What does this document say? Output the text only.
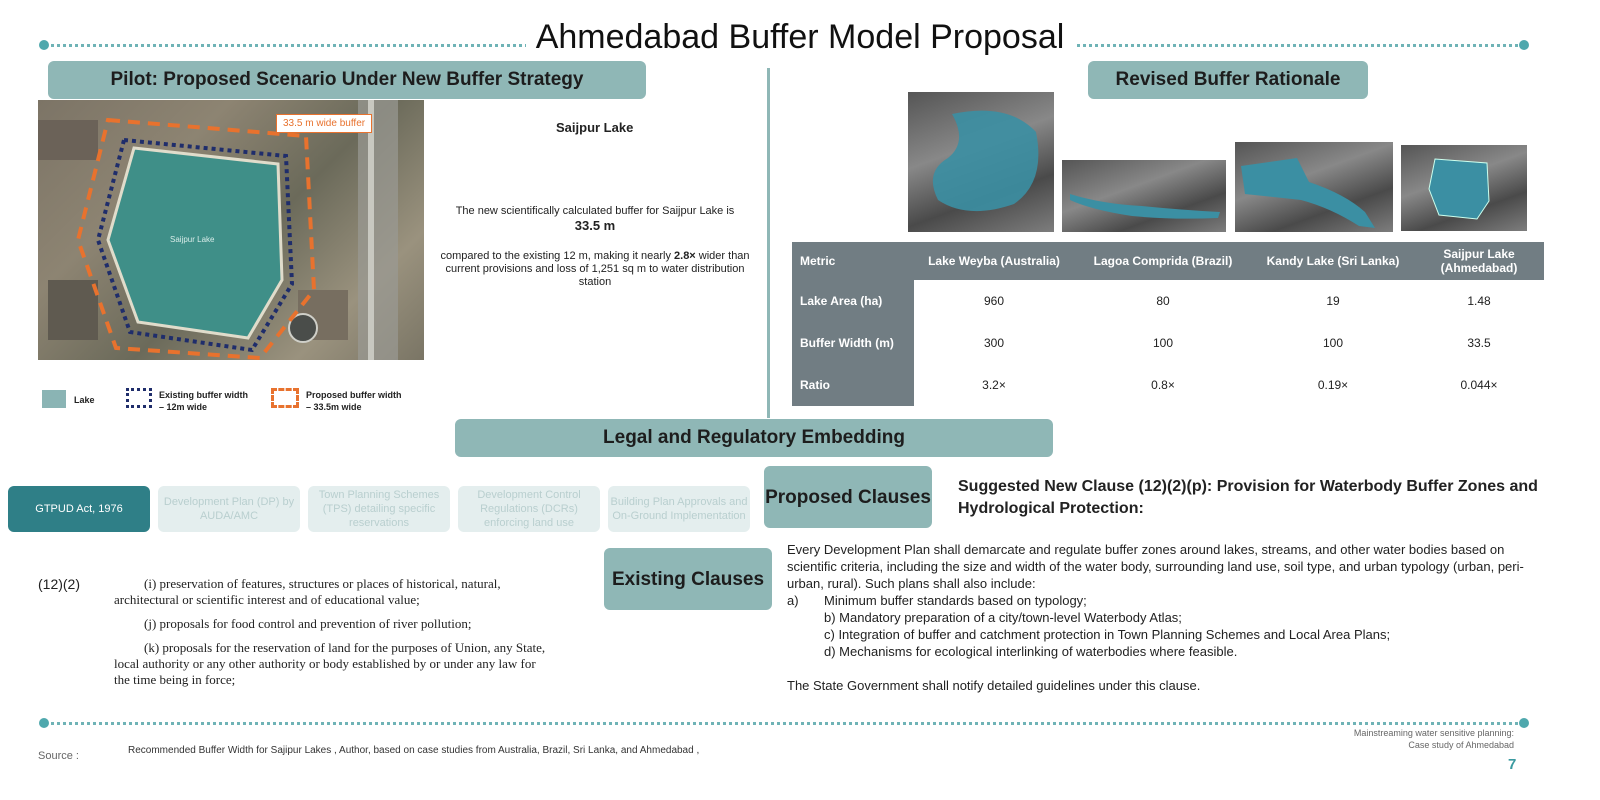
Ahmedabad Buffer Model Proposal
Pilot: Proposed Scenario Under New Buffer Strategy
Saijpur Lake
33.5 m wide buffer	Saijpur Lake
The new scientifically calculated buffer for Saijpur Lake is
33.5 m
compared to the existing 12 m, making it nearly 2.8× wider than current provisions and loss of 1,251 sq m to water distribution station
Lake	Existing buffer width – 12m wide
Proposed buffer width – 33.5m wide
Revised Buffer Rationale
Metric	Lake Weyba (Australia)	Lagoa Comprida (Brazil)	Kandy Lake (Sri Lanka)	Saijpur Lake (Ahmedabad)
Lake Area (ha)	960	80	19	1.48
Buffer Width (m)	300	100	100	33.5
Ratio	3.2×	0.8×	0.19×	0.044×
Legal and Regulatory Embedding
GTPUD Act, 1976
Development Plan (DP) by AUDA/AMC
Town Planning Schemes (TPS) detailing specific reservations
Development Control Regulations (DCRs) enforcing land use
Building Plan Approvals and On-Ground Implementation
Proposed Clauses
Existing Clauses
(12)(2)	(i) preservation of features, structures or places of historical, natural, architectural or scientific interest and of educational value;
(j) proposals for food control and prevention of river pollution;
(k) proposals for the reservation of land for the purposes of Union, any State, local authority or any other authority or body established by or under any law for the time being in force;
Suggested New Clause (12)(2)(p): Provision for Waterbody Buffer Zones and Hydrological Protection:
Every Development Plan shall demarcate and regulate buffer zones around lakes, streams, and other water bodies based on scientific criteria, including the size and width of the water body, surrounding land use, soil type, and urban typology (urban, peri-urban, rural). Such plans shall also include:
a)	Minimum buffer standards based on typology;
b) Mandatory preparation of a city/town-level Waterbody Atlas;
c) Integration of buffer and catchment protection in Town Planning Schemes and Local Area Plans;
d) Mechanisms for ecological interlinking of waterbodies where feasible.
The State Government shall notify detailed guidelines under this clause.
Source :	Recommended Buffer Width for Sajipur Lakes , Author, based on case studies from Australia, Brazil, Sri Lanka, and Ahmedabad ,
Mainstreaming water sensitive planning:
Case study of Ahmedabad
7
